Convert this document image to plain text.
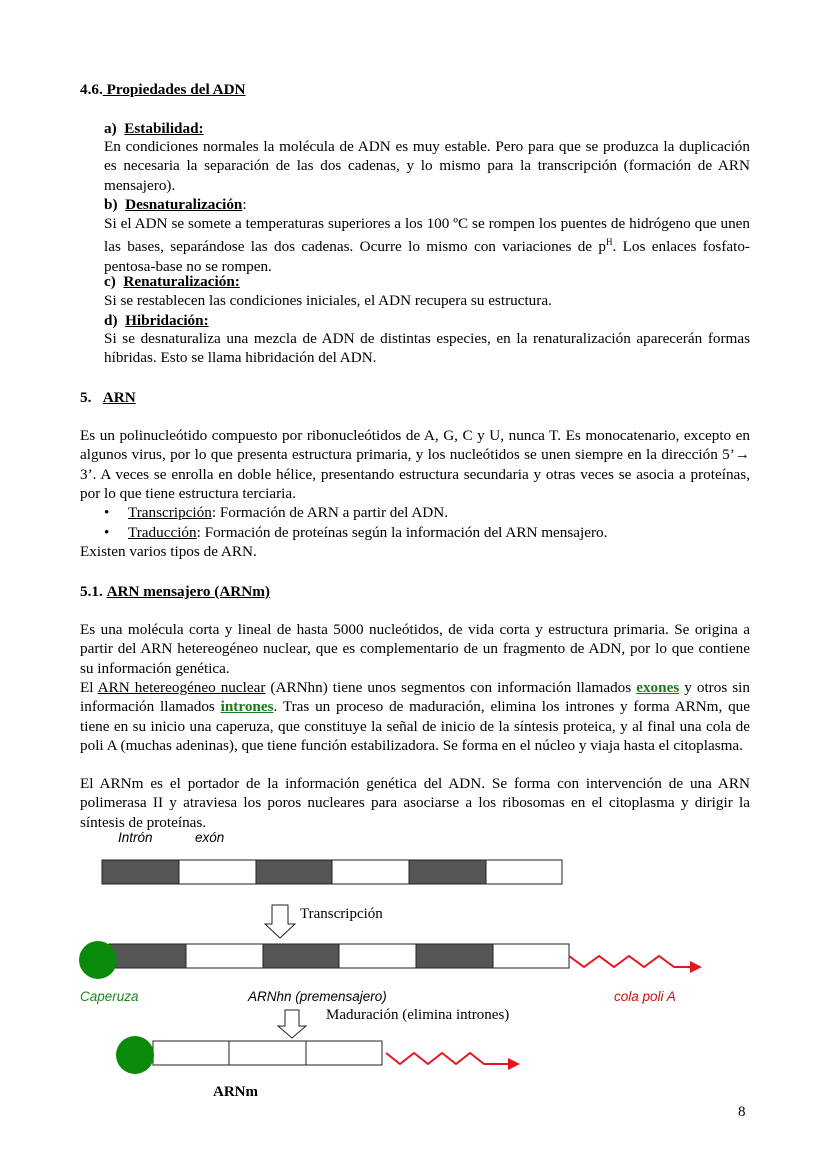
4.6. Propiedades del ADN
a) Estabilidad:

En condiciones normales la molécula de ADN es muy estable. Pero para que se produzca la duplicación es necesaria la separación de las dos cadenas, y lo mismo para la transcripción (formación de ARN mensajero).

b) Desnaturalización:

Si el ADN se somete a temperaturas superiores a los 100 ºC se rompen los puentes de hidrógeno que unen las bases, separándose las dos cadenas. Ocurre lo mismo con variaciones de $p^H$. Los enlaces fosfato-pentosa-base no se rompen.

c) Renaturalización:

Si se restablecen las condiciones iniciales, el ADN recupera su estructura.

d) Hibridación:

Si se desnaturaliza una mezcla de ADN de distintas especies, en la renaturalización aparecerán formas híbridas. Esto se llama hibridación del ADN.

5. ARN

Es un polinucleótido compuesto por ribonucleótidos de A, G, C y U, nunca T. Es monocatenario, excepto en algunos virus, por lo que presenta estructura primaria, y los nucleótidos se unen siempre en la dirección 5’→ 3’. A veces se enrolla en doble hélice, presentando estructura secundaria y otras veces se asocia a proteínas, por lo que tiene estructura terciaria.

• Transcripción: Formación de ARN a partir del ADN.
• Traducción: Formación de proteínas según la información del ARN mensajero.

Existen varios tipos de ARN.

5.1. ARN mensajero (ARNm)

Es una molécula corta y lineal de hasta 5000 nucleótidos, de vida corta y estructura primaria. Se origina a partir del ARN hetereogéneo nuclear, que es complementario de un fragmento de ADN, por lo que contiene su información genética.

El ARN hetereogéneo nuclear (ARNhn) tiene unos segmentos con información llamados exones y otros sin información llamados intrones. Tras un proceso de maduración, elimina los intrones y forma ARNm, que tiene en su inicio una caperuza, que constituye la señal de inicio de la síntesis proteica, y al final una cola de poli A (muchas adeninas), que tiene función estabilizadora. Se forma en el núcleo y viaja hasta el citoplasma.

El ARNm es el portador de la información genética del ADN. Se forma con intervención de una ARN polimerasa II y atraviesa los poros nucleares para asociarse a los ribosomas en el citoplasma y dirigir la síntesis de proteínas.

Intrón	exón
Transcripción
Caperuza	ARNhn (premensajero)	cola poli A
Maduración (elimina intrones)
ARNm
8
